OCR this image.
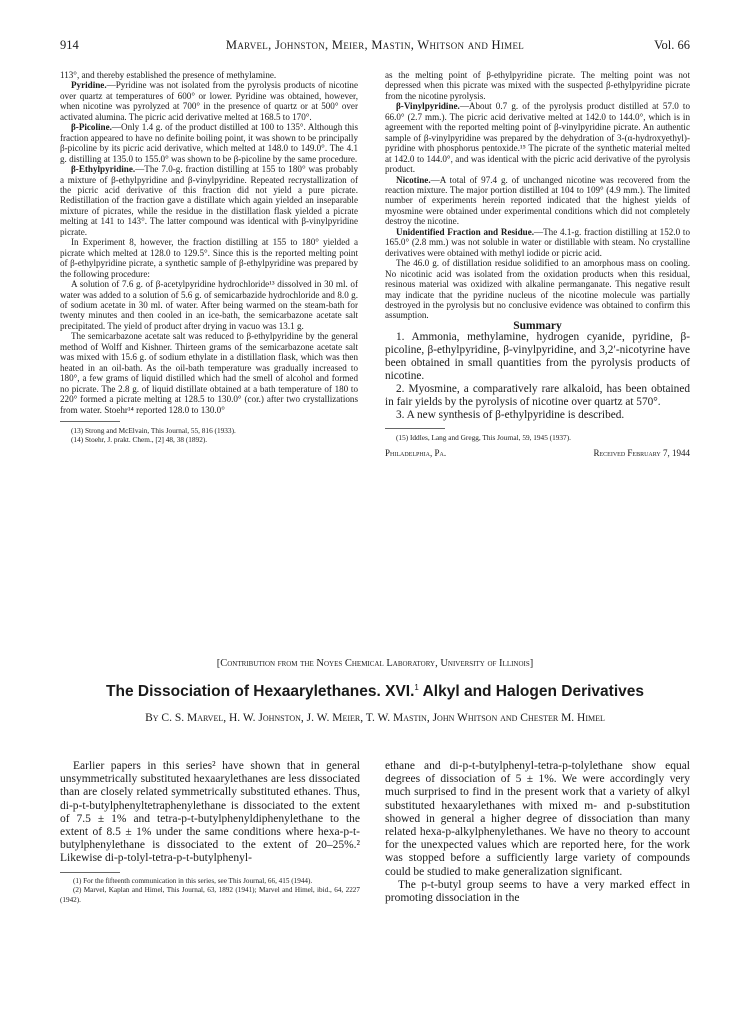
914	Marvel, Johnston, Meier, Mastin, Whitson and Himel	Vol. 66

113°, and thereby established the presence of methylamine.

Pyridine.—Pyridine was not isolated from the pyrolysis products of nicotine over quartz at temperatures of 600° or lower. Pyridine was obtained, however, when nicotine was pyrolyzed at 700° in the presence of quartz or at 500° over activated alumina. The picric acid derivative melted at 168.5 to 170°.

β-Picoline.—Only 1.4 g. of the product distilled at 100 to 135°. Although this fraction appeared to have no definite boiling point, it was shown to be principally β-picoline by its picric acid derivative, which melted at 148.0 to 149.0°. The 4.1 g. distilling at 135.0 to 155.0° was shown to be β-picoline by the same procedure.

β-Ethylpyridine.—The 7.0-g. fraction distilling at 155 to 180° was probably a mixture of β-ethylpyridine and β-vinylpyridine. Repeated recrystallization of the picric acid derivative of this fraction did not yield a pure picrate. Redistillation of the fraction gave a distillate which again yielded an inseparable mixture of picrates, while the residue in the distillation flask yielded a picrate melting at 141 to 143°. The latter compound was identical with β-vinylpyridine picrate.

In Experiment 8, however, the fraction distilling at 155 to 180° yielded a picrate which melted at 128.0 to 129.5°. Since this is the reported melting point of β-ethylpyridine picrate, a synthetic sample of β-ethylpyridine was prepared by the following procedure:

A solution of 7.6 g. of β-acetylpyridine hydrochloride¹³ dissolved in 30 ml. of water was added to a solution of 5.6 g. of semicarbazide hydrochloride and 8.0 g. of sodium acetate in 30 ml. of water. After being warmed on the steam-bath for twenty minutes and then cooled in an ice-bath, the semicarbazone acetate salt precipitated. The yield of product after drying in vacuo was 13.1 g.

The semicarbazone acetate salt was reduced to β-ethylpyridine by the general method of Wolff and Kishner. Thirteen grams of the semicarbazone acetate salt was mixed with 15.6 g. of sodium ethylate in a distillation flask, which was then heated in an oil-bath. As the oil-bath temperature was gradually increased to 180°, a few grams of liquid distilled which had the smell of alcohol and formed no picrate. The 2.8 g. of liquid distillate obtained at a bath temperature of 180 to 220° formed a picrate melting at 128.5 to 130.0° (cor.) after two crystallizations from water. Stoehr¹⁴ reported 128.0 to 130.0°

(13) Strong and McElvain, This Journal, 55, 816 (1933).

(14) Stoehr, J. prakt. Chem., [2] 48, 38 (1892).

as the melting point of β-ethylpyridine picrate. The melting point was not depressed when this picrate was mixed with the suspected β-ethylpyridine picrate from the nicotine pyrolysis.

β-Vinylpyridine.—About 0.7 g. of the pyrolysis product distilled at 57.0 to 66.0° (2.7 mm.). The picric acid derivative melted at 142.0 to 144.0°, which is in agreement with the reported melting point of β-vinylpyridine picrate. An authentic sample of β-vinylpyridine was prepared by the dehydration of 3-(α-hydroxyethyl)-pyridine with phosphorus pentoxide.¹⁵ The picrate of the synthetic material melted at 142.0 to 144.0°, and was identical with the picric acid derivative of the pyrolysis product.

Nicotine.—A total of 97.4 g. of unchanged nicotine was recovered from the reaction mixture. The major portion distilled at 104 to 109° (4.9 mm.). The limited number of experiments herein reported indicated that the highest yields of myosmine were obtained under experimental conditions which did not completely destroy the nicotine.

Unidentified Fraction and Residue.—The 4.1-g. fraction distilling at 152.0 to 165.0° (2.8 mm.) was not soluble in water or distillable with steam. No crystalline derivatives were obtained with methyl iodide or picric acid.

The 46.0 g. of distillation residue solidified to an amorphous mass on cooling. No nicotinic acid was isolated from the oxidation products when this residual, resinous material was oxidized with alkaline permanganate. This negative result may indicate that the pyridine nucleus of the nicotine molecule was partially destroyed in the pyrolysis but no conclusive evidence was obtained to confirm this assumption.

Summary

1. Ammonia, methylamine, hydrogen cyanide, pyridine, β-picoline, β-ethylpyridine, β-vinylpyridine, and 3,2′-nicotyrine have been obtained in small quantities from the pyrolysis products of nicotine.

2. Myosmine, a comparatively rare alkaloid, has been obtained in fair yields by the pyrolysis of nicotine over quartz at 570°.

3. A new synthesis of β-ethylpyridine is described.

(15) Iddles, Lang and Gregg, This Journal, 59, 1945 (1937).

Philadelphia, Pa.	Received February 7, 1944
[Contribution from the Noyes Chemical Laboratory, University of Illinois]
The Dissociation of Hexaarylethanes. XVI.$^1$ Alkyl and Halogen Derivatives
By C. S. Marvel, H. W. Johnston, J. W. Meier, T. W. Mastin, John Whitson and Chester M. Himel

Earlier papers in this series² have shown that in general unsymmetrically substituted hexaarylethanes are less dissociated than are closely related symmetrically substituted ethanes. Thus, di-p-t-butylphenyltetraphenylethane is dissociated to the extent of 7.5 ± 1% and tetra-p-t-butylphenyldiphenylethane to the extent of 8.5 ± 1% under the same conditions where hexa-p-t-butylphenylethane is dissociated to the extent of 20–25%.² Likewise di-p-tolyl-tetra-p-t-butylphenyl-

(1) For the fifteenth communication in this series, see This Journal, 66, 415 (1944).

(2) Marvel, Kaplan and Himel, This Journal, 63, 1892 (1941); Marvel and Himel, ibid., 64, 2227 (1942).

ethane and di-p-t-butylphenyl-tetra-p-tolylethane show equal degrees of dissociation of 5 ± 1%. We were accordingly very much surprised to find in the present work that a variety of alkyl substituted hexaarylethanes with mixed m- and p-substitution showed in general a higher degree of dissociation than many related hexa-p-alkylphenylethanes. We have no theory to account for the unexpected values which are reported here, for the work was stopped before a sufficiently large variety of compounds could be studied to make generalization significant.

The p-t-butyl group seems to have a very marked effect in promoting dissociation in the
